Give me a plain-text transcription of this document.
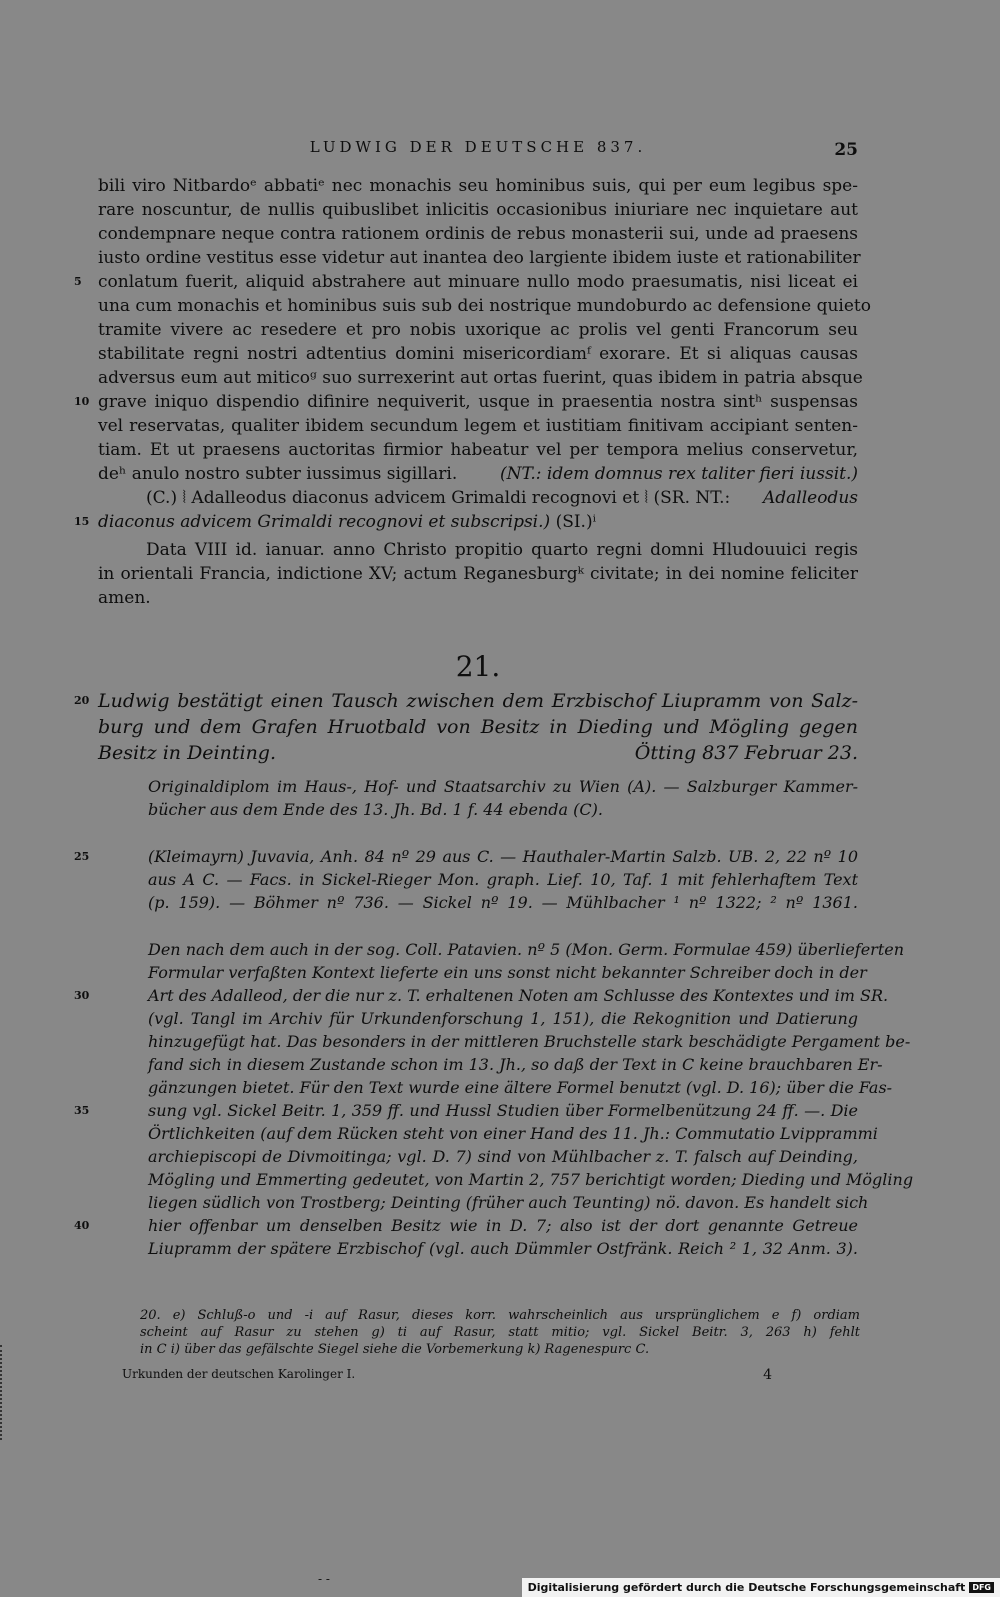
LUDWIG DER DEUTSCHE 837.	25
bili viro Nitbardoᵉ abbatiᵉ nec monachis seu hominibus suis, qui per eum legibus spe-
rare noscuntur, de nullis quibuslibet inlicitis occasionibus iniuriare nec inquietare aut
condempnare neque contra rationem ordinis de rebus monasterii sui, unde ad praesens
iusto ordine vestitus esse videtur aut inantea deo largiente ibidem iuste et rationabiliter
conlatum fuerit, aliquid abstrahere aut minuare nullo modo praesumatis, nisi liceat ei
una cum monachis et hominibus suis sub dei nostrique mundoburdo ac defensione quieto
tramite vivere ac resedere et pro nobis uxorique ac prolis vel genti Francorum seu
stabilitate regni nostri adtentius domini misericordiamᶠ exorare. Et si aliquas causas
adversus eum aut miticoᵍ suo surrexerint aut ortas fuerint, quas ibidem in patria absque
grave iniquo dispendio difinire nequiverit, usque in praesentia nostra sintʰ suspensas
vel reservatas, qualiter ibidem secundum legem et iustitiam finitivam accipiant senten-
tiam. Et ut praesens auctoritas firmior habeatur vel per tempora melius conservetur,
deʰ anulo nostro subter iussimus sigillari.	(NT.: idem domnus rex taliter fieri iussit.)
5
10
(C.) ⦚ Adalleodus diaconus advicem Grimaldi recognovi et ⦚ (SR. NT.: Adalleodus
diaconus advicem Grimaldi recognovi et subscripsi.) (SI.)ⁱ
15
Data VIII id. ianuar. anno Christo propitio quarto regni domni Hludouuici regis
in orientali Francia, indictione XV; actum Reganesburgᵏ civitate; in dei nomine feliciter
amen.
21.
Ludwig bestätigt einen Tausch zwischen dem Erzbischof Liupramm von Salz-
burg und dem Grafen Hruotbald von Besitz in Dieding und Mögling gegen
Besitz in Deinting.	Ötting 837 Februar 23.
20
Originaldiplom im Haus-, Hof- und Staatsarchiv zu Wien (A). — Salzburger Kammer-
bücher aus dem Ende des 13. Jh. Bd. 1 f. 44 ebenda (C).
(Kleimayrn) Juvavia, Anh. 84 nº 29 aus C. — Hauthaler-Martin Salzb. UB. 2, 22 nº 10
aus A C. — Facs. in Sickel-Rieger Mon. graph. Lief. 10, Taf. 1 mit fehlerhaftem Text
(p. 159). — Böhmer nº 736. — Sickel nº 19. — Mühlbacher ¹ nº 1322; ² nº 1361.
25
Den nach dem auch in der sog. Coll. Patavien. nº 5 (Mon. Germ. Formulae 459) überlieferten
Formular verfaßten Kontext lieferte ein uns sonst nicht bekannter Schreiber doch in der
Art des Adalleod, der die nur z. T. erhaltenen Noten am Schlusse des Kontextes und im SR.
(vgl. Tangl im Archiv für Urkundenforschung 1, 151), die Rekognition und Datierung
hinzugefügt hat. Das besonders in der mittleren Bruchstelle stark beschädigte Pergament be-
fand sich in diesem Zustande schon im 13. Jh., so daß der Text in C keine brauchbaren Er-
gänzungen bietet. Für den Text wurde eine ältere Formel benutzt (vgl. D. 16); über die Fas-
sung vgl. Sickel Beitr. 1, 359 ff. und Hussl Studien über Formelbenützung 24 ff. —. Die
Örtlichkeiten (auf dem Rücken steht von einer Hand des 11. Jh.: Commutatio Lvipprammi
archiepiscopi de Divmoitinga; vgl. D. 7) sind von Mühlbacher z. T. falsch auf Deinding,
Mögling und Emmerting gedeutet, von Martin 2, 757 berichtigt worden; Dieding und Mögling
liegen südlich von Trostberg; Deinting (früher auch Teunting) nö. davon. Es handelt sich
hier offenbar um denselben Besitz wie in D. 7; also ist der dort genannte Getreue
Liupramm der spätere Erzbischof (vgl. auch Dümmler Ostfränk. Reich ² 1, 32 Anm. 3).
30
35
40
20. e) Schluß-o und -i auf Rasur, dieses korr. wahrscheinlich aus ursprünglichem e f) ordiam
scheint auf Rasur zu stehen g) ti auf Rasur, statt mitio; vgl. Sickel Beitr. 3, 263 h) fehlt
in C i) über das gefälschte Siegel siehe die Vorbemerkung k) Ragenespurc C.
Urkunden der deutschen Karolinger I.	4
- -
Digitalisierung gefördert durch die Deutsche Forschungsgemeinschaft DFG
